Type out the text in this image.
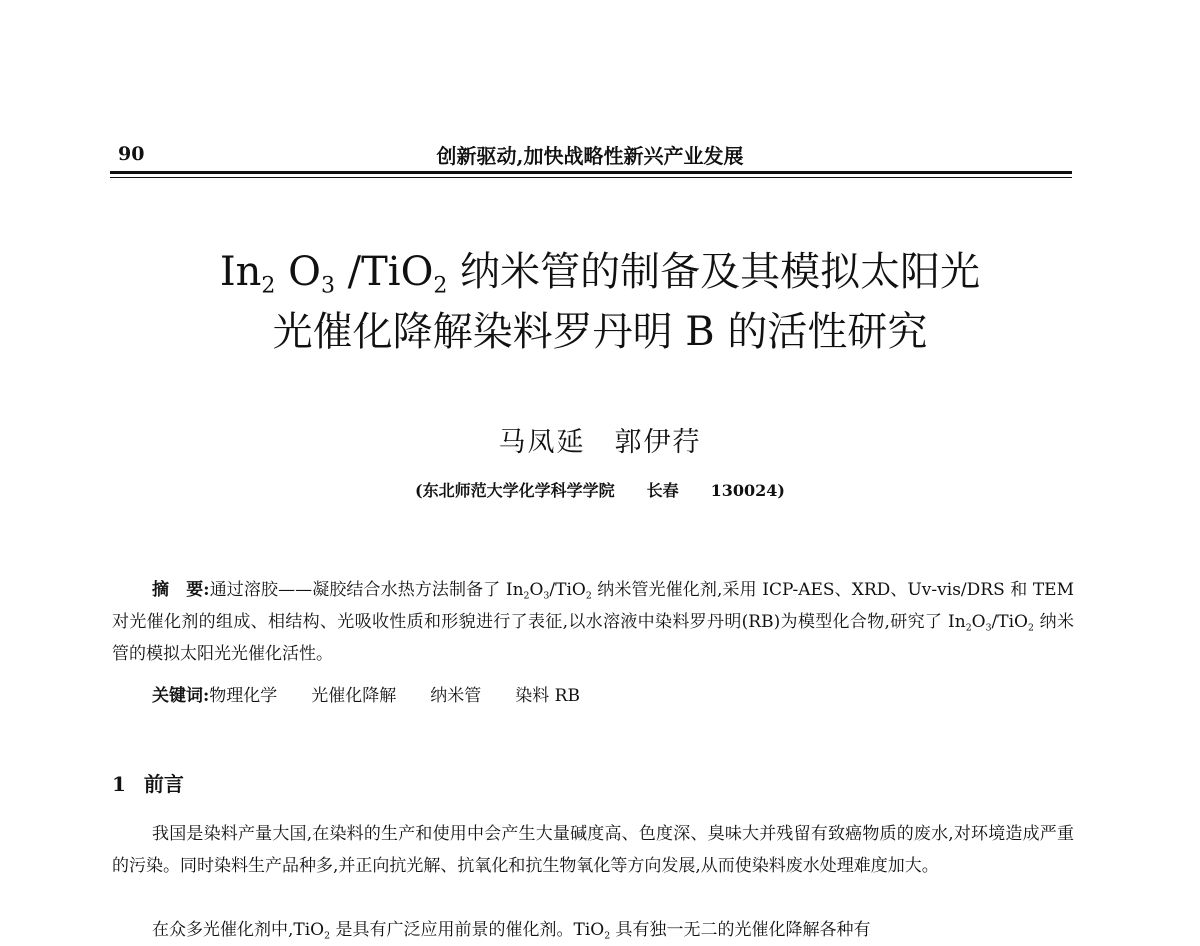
90	创新驱动,加快战略性新兴产业发展
$In_2$ $O_3$ /TiO$_2$ 纳米管的制备及其模拟太阳光
光催化降解染料罗丹明 B 的活性研究
马凤延　郭伊荇
(东北师范大学化学科学学院　　长春　　130024)
摘　要:通过溶胶——凝胶结合水热方法制备了 $In_2O_3/TiO_2$ 纳米管光催化剂,采用 ICP-AES、XRD、Uv-vis/DRS 和 TEM 对光催化剂的组成、相结构、光吸收性质和形貌进行了表征,以水溶液中染料罗丹明(RB)为模型化合物,研究了 $In_2O_3/TiO_2$ 纳米管的模拟太阳光光催化活性。
关键词:物理化学 光催化降解 纳米管 染料 RB
1 前言
我国是染料产量大国,在染料的生产和使用中会产生大量碱度高、色度深、臭味大并残留有致癌物质的废水,对环境造成严重的污染。同时染料生产品种多,并正向抗光解、抗氧化和抗生物氧化等方向发展,从而使染料废水处理难度加大。
在众多光催化剂中,TiO$_2$ 是具有广泛应用前景的催化剂。TiO$_2$ 具有独一无二的光催化降解各种有
